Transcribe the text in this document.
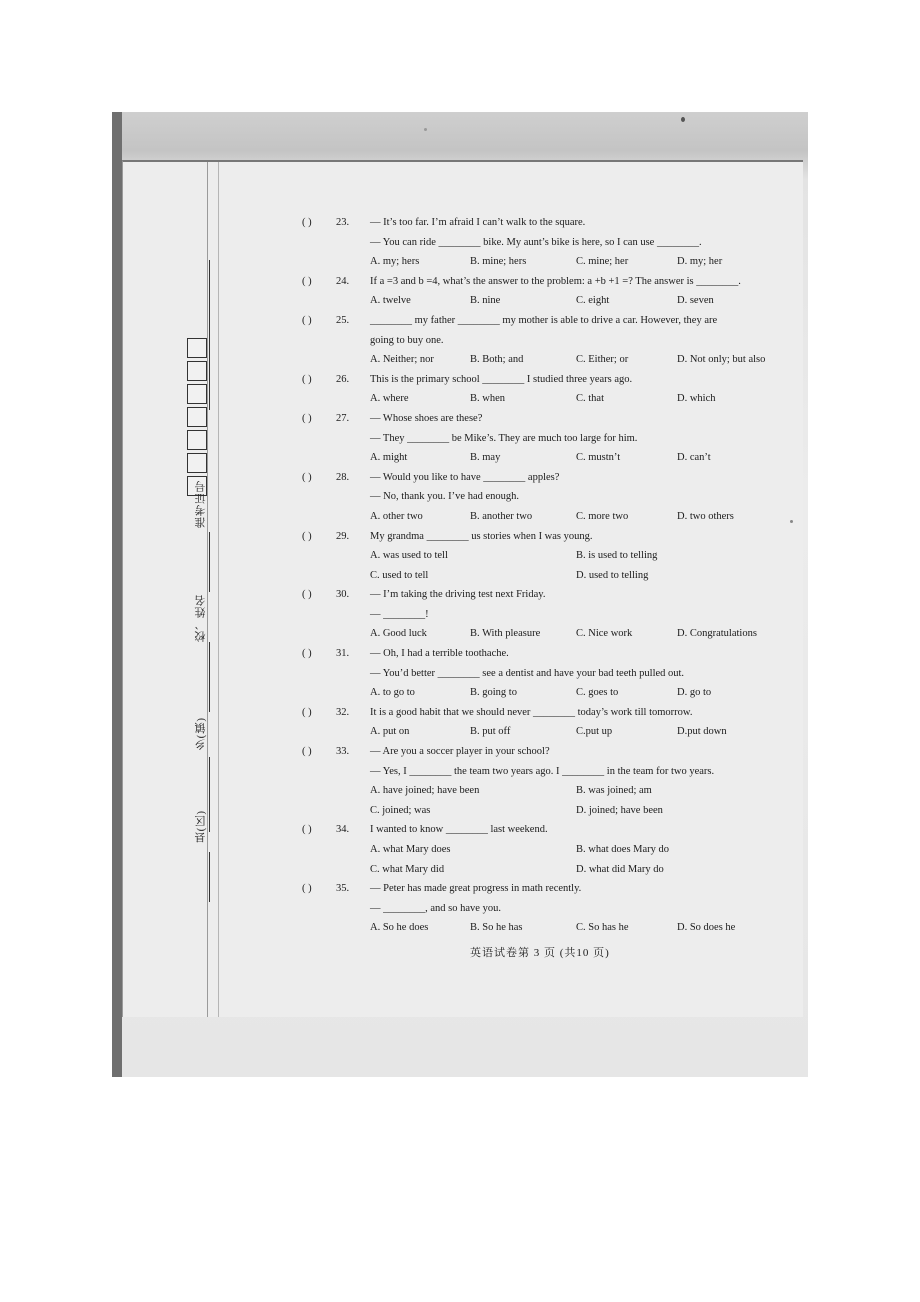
准考证号
校、姓名
乡(镇)
县(区)
( ) 23. — It’s too far. I’m afraid I can’t walk to the square.
— You can ride ________ bike. My aunt’s bike is here, so I can use ________.
A. my; hers	B. mine; hers	C. mine; her	D. my; her
( ) 24. If a =3 and b =4, what’s the answer to the problem: a +b +1 =? The answer is ________.
A. twelve	B. nine	C. eight	D. seven
( ) 25. ________ my father ________ my mother is able to drive a car. However, they are
going to buy one.
A. Neither; nor	B. Both; and	C. Either; or	D. Not only; but also
( ) 26. This is the primary school ________ I studied three years ago.
A. where	B. when	C. that	D. which
( ) 27. — Whose shoes are these?
— They ________ be Mike’s. They are much too large for him.
A. might	B. may	C. mustn’t	D. can’t
( ) 28. — Would you like to have ________ apples?
— No, thank you. I’ve had enough.
A. other two	B. another two	C. more two	D. two others
( ) 29. My grandma ________ us stories when I was young.
A. was used to tell	B. is used to telling
C. used to tell	D. used to telling
( ) 30. — I’m taking the driving test next Friday.
— ________!
A. Good luck	B. With pleasure	C. Nice work	D. Congratulations
( ) 31. — Oh, I had a terrible toothache.
— You’d better ________ see a dentist and have your bad teeth pulled out.
A. to go to	B. going to	C. goes to	D. go to
( ) 32. It is a good habit that we should never ________ today’s work till tomorrow.
A. put on	B. put off	C.put up	D.put down
( ) 33. — Are you a soccer player in your school?
— Yes, I ________ the team two years ago. I ________ in the team for two years.
A. have joined; have been	B. was joined; am
C. joined; was	D. joined; have been
( ) 34. I wanted to know ________ last weekend.
A. what Mary does	B. what does Mary do
C. what Mary did	D. what did Mary do
( ) 35. — Peter has made great progress in math recently.
— ________, and so have you.
A. So he does	B. So he has	C. So has he	D. So does he
英语试卷第 3 页 (共10 页)
